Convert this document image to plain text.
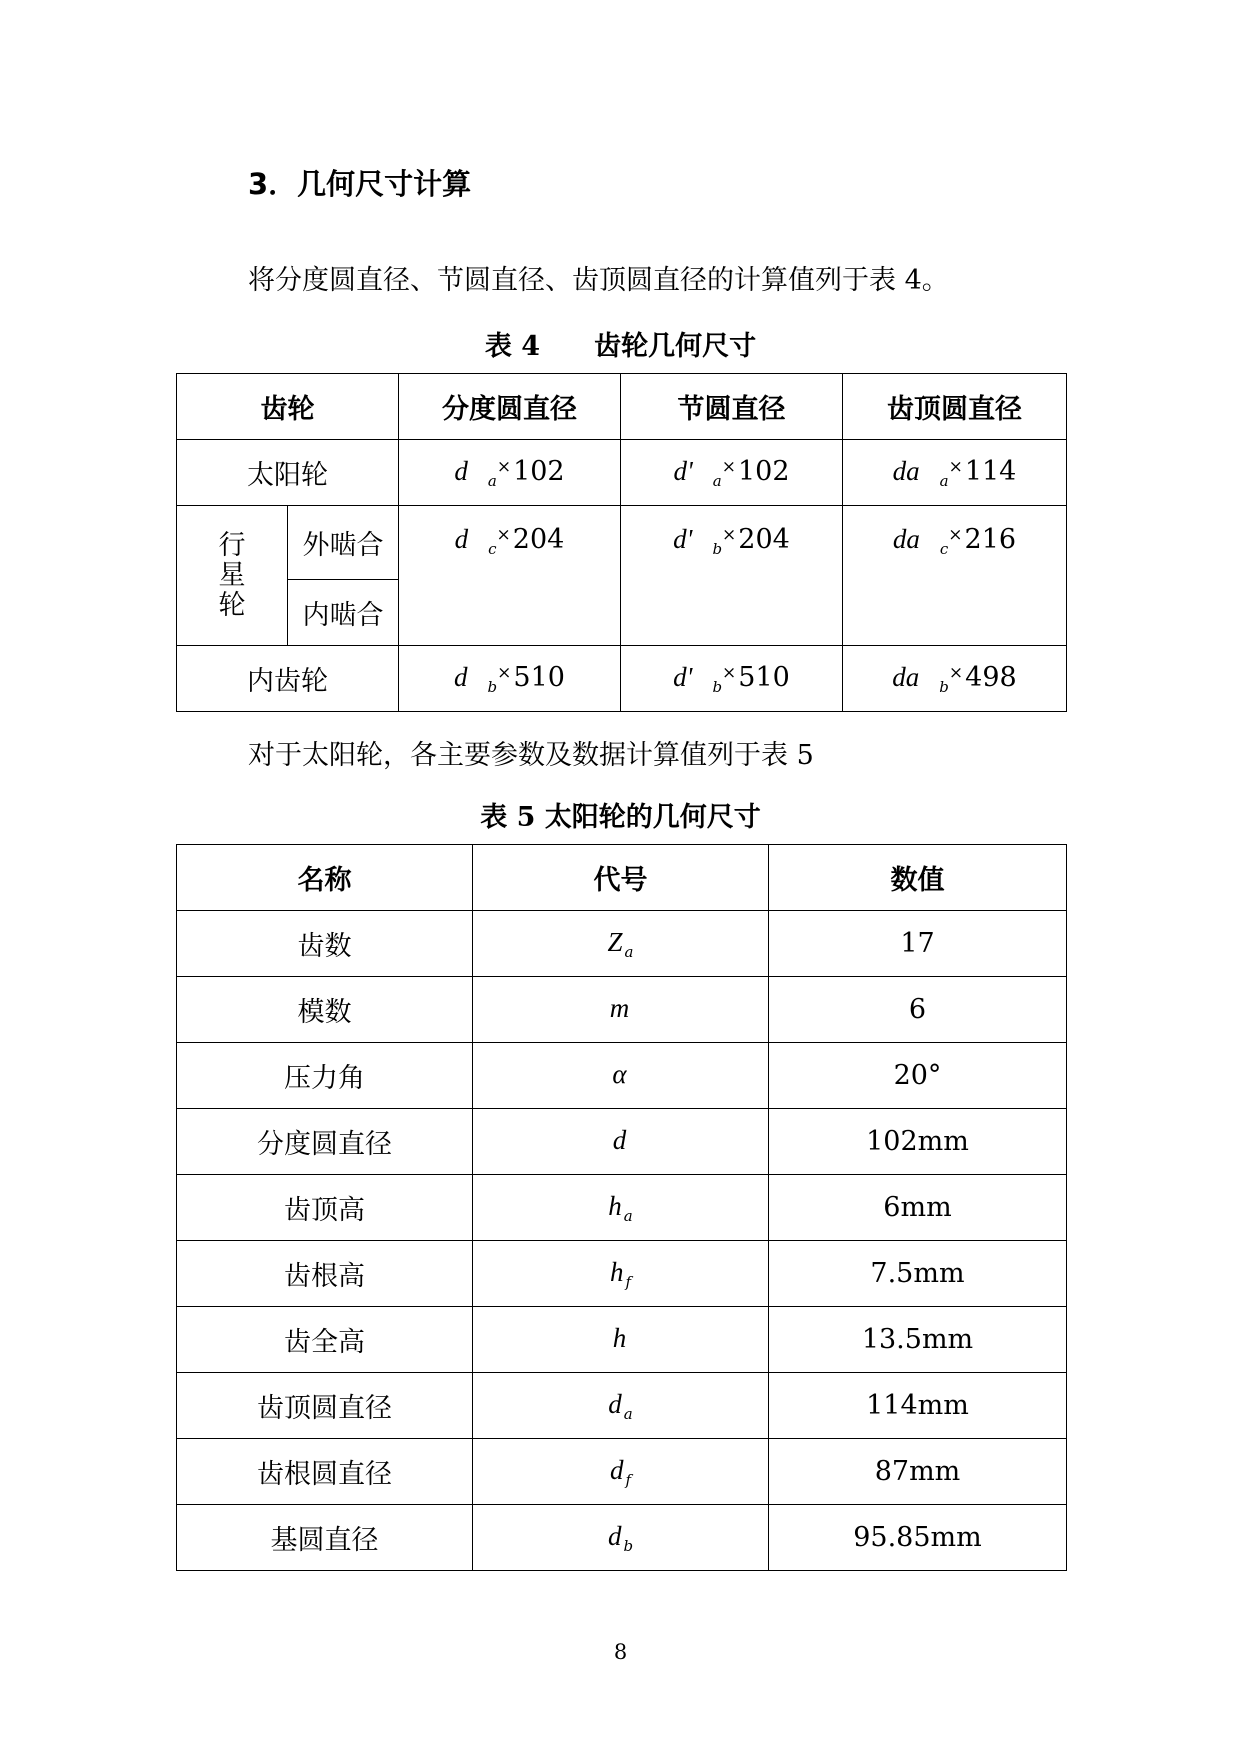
3．几何尺寸计算
将分度圆直径、节圆直径、齿顶圆直径的计算值列于表 4。
表 4　　齿轮几何尺寸
齿轮		分度圆直径	节圆直径	齿顶圆直径
太阳轮		d $_a$×102	d' $_a$×102	da $_a$×114

行
星
轮	外啮合	d $_c$×204	d' $_b$×204	da $_c$×216
	内啮合			
内齿轮		d $_b$×510	d' $_b$×510	da $_b$×498
对于太阳轮，各主要参数及数据计算值列于表 5
表 5 太阳轮的几何尺寸
名称	代号	数值
齿数	Z $_a$	17
模数	m	6
压力角	α	20°
分度圆直径	d	102mm
齿顶高	h $_a$	6mm
齿根高	h $_f$	7.5mm
齿全高	h	13.5mm
齿顶圆直径	d $_a$	114mm
齿根圆直径	d $_f$	87mm
基圆直径	d $_b$	95.85mm
8
